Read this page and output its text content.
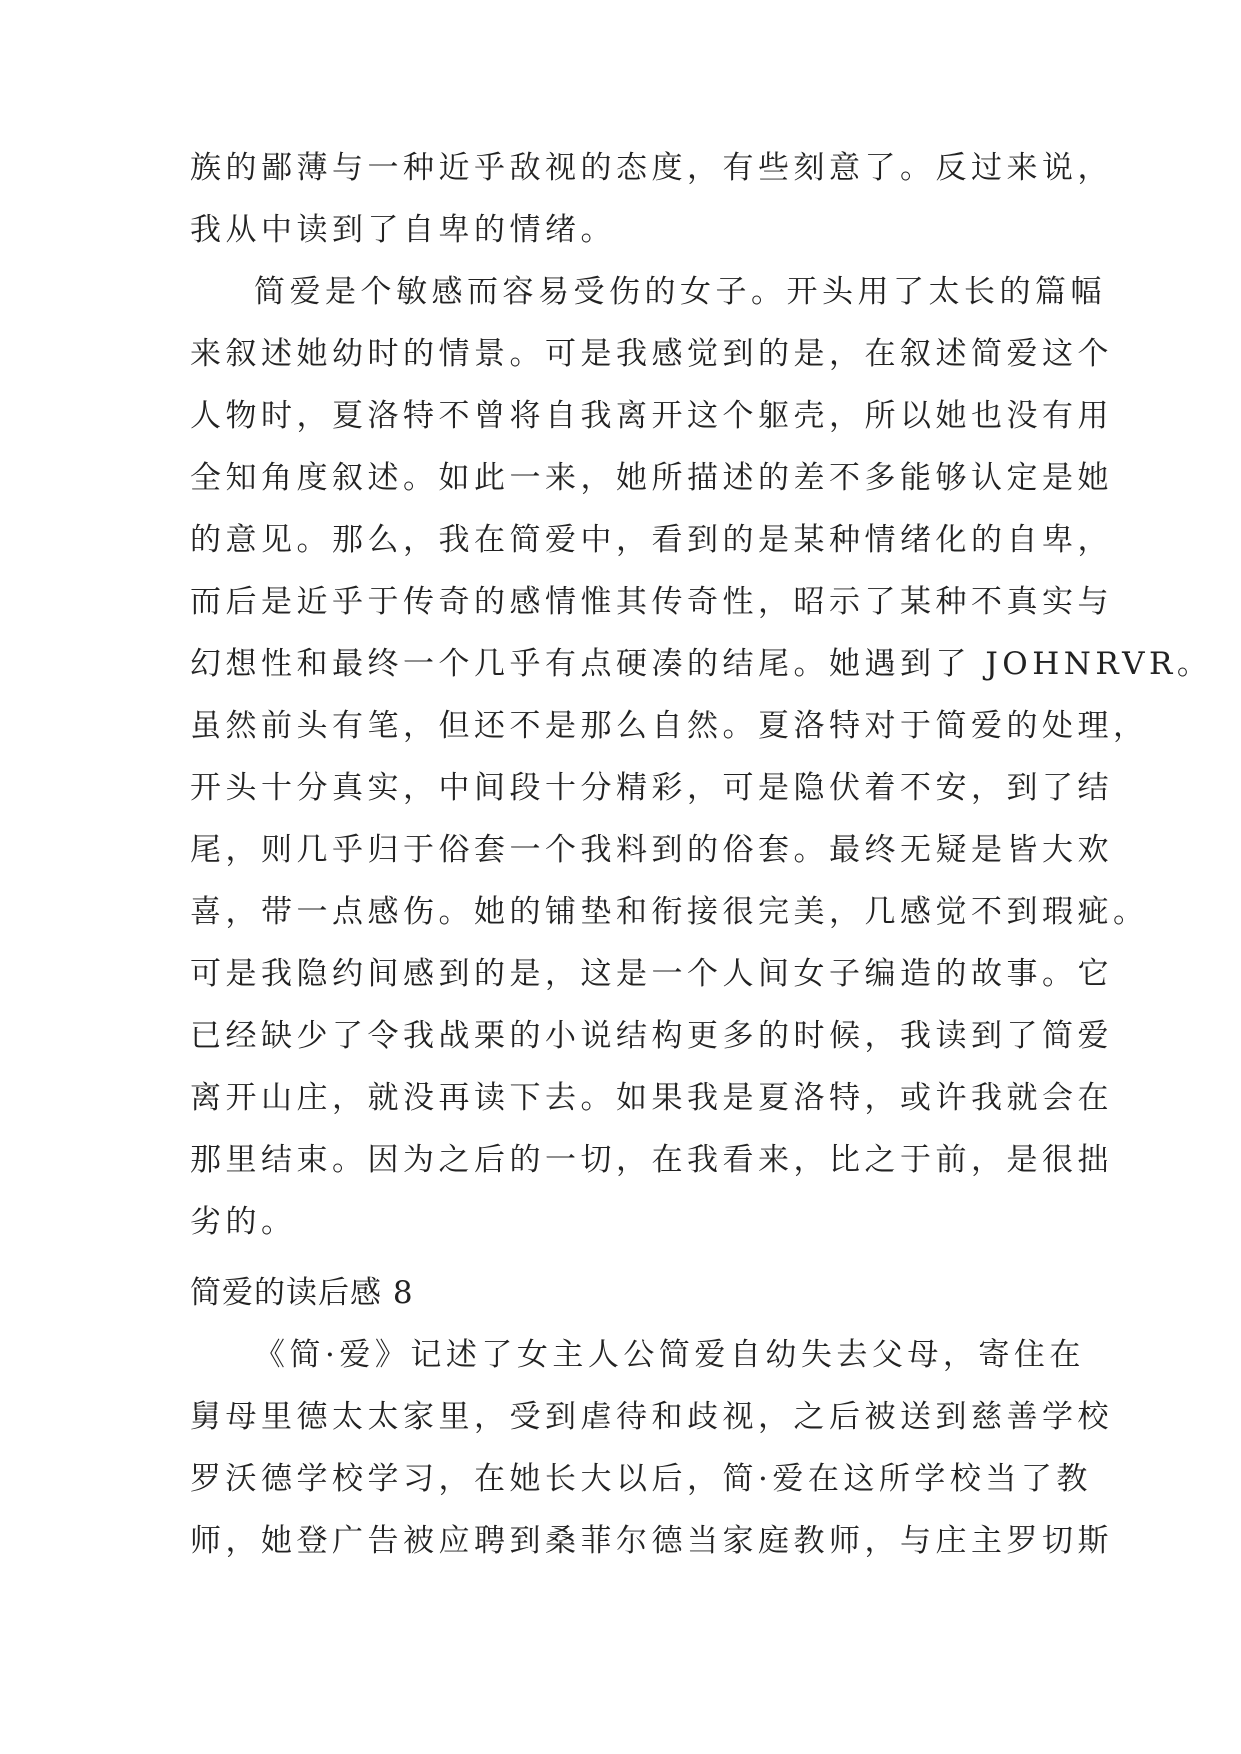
族的鄙薄与一种近乎敌视的态度，有些刻意了。反过来说，
我从中读到了自卑的情绪。
简爱是个敏感而容易受伤的女子。开头用了太长的篇幅
来叙述她幼时的情景。可是我感觉到的是，在叙述简爱这个
人物时，夏洛特不曾将自我离开这个躯壳，所以她也没有用
全知角度叙述。如此一来，她所描述的差不多能够认定是她
的意见。那么，我在简爱中，看到的是某种情绪化的自卑，
而后是近乎于传奇的感情惟其传奇性，昭示了某种不真实与
幻想性和最终一个几乎有点硬凑的结尾。她遇到了 JOHNRVR。
虽然前头有笔，但还不是那么自然。夏洛特对于简爱的处理，
开头十分真实，中间段十分精彩，可是隐伏着不安，到了结
尾，则几乎归于俗套一个我料到的俗套。最终无疑是皆大欢
喜，带一点感伤。她的铺垫和衔接很完美，几感觉不到瑕疵。
可是我隐约间感到的是，这是一个人间女子编造的故事。它
已经缺少了令我战栗的小说结构更多的时候，我读到了简爱
离开山庄，就没再读下去。如果我是夏洛特，或许我就会在
那里结束。因为之后的一切，在我看来，比之于前，是很拙
劣的。
简爱的读后感 8
《简·爱》记述了女主人公简爱自幼失去父母，寄住在
舅母里德太太家里，受到虐待和歧视，之后被送到慈善学校
罗沃德学校学习，在她长大以后，简·爱在这所学校当了教
师，她登广告被应聘到桑菲尔德当家庭教师，与庄主罗切斯
